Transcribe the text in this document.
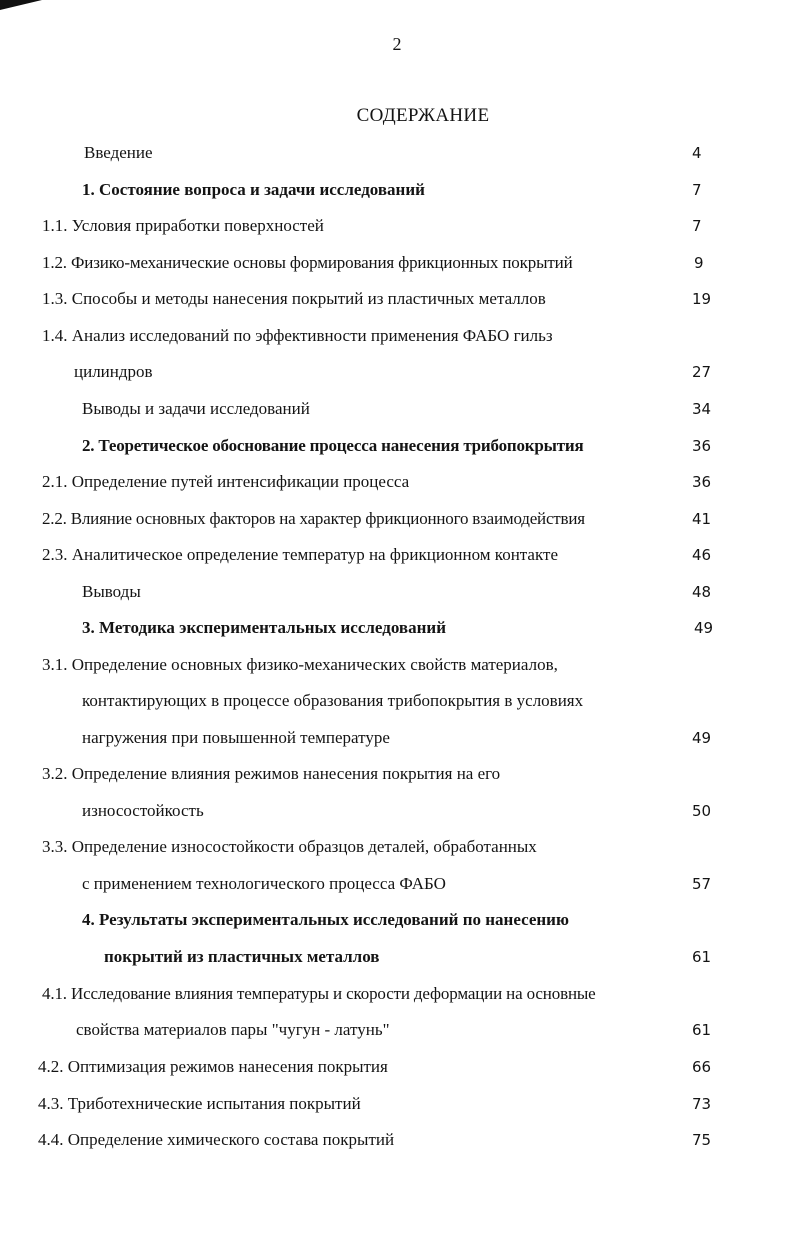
2
СОДЕРЖАНИЕ
Введение	4
1. Состояние вопроса и задачи исследований	7
1.1. Условия приработки поверхностей	7
1.2. Физико-механические основы формирования фрикционных покрытий	9
1.3. Способы и методы нанесения покрытий из пластичных металлов	19
1.4. Анализ исследований по эффективности применения ФАБО гильз
цилиндров	27
Выводы и задачи исследований	34
2. Теоретическое обоснование процесса нанесения трибопокрытия	36
2.1. Определение путей интенсификации процесса	36
2.2. Влияние основных факторов на характер фрикционного взаимодействия	41
2.3. Аналитическое определение температур на фрикционном контакте	46
Выводы	48
3. Методика экспериментальных исследований	49
3.1. Определение основных физико-механических свойств материалов,
контактирующих в процессе образования трибопокрытия в условиях
нагружения при повышенной температуре	49
3.2. Определение влияния режимов нанесения покрытия на его
износостойкость	50
3.3. Определение износостойкости образцов деталей, обработанных
с применением технологического процесса ФАБО	57
4. Результаты экспериментальных исследований по нанесению
покрытий из пластичных металлов	61
4.1. Исследование влияния температуры и скорости деформации на основные
свойства материалов пары "чугун - латунь"	61
4.2. Оптимизация режимов нанесения покрытия	66
4.3. Триботехнические испытания покрытий	73
4.4. Определение химического состава покрытий	75
